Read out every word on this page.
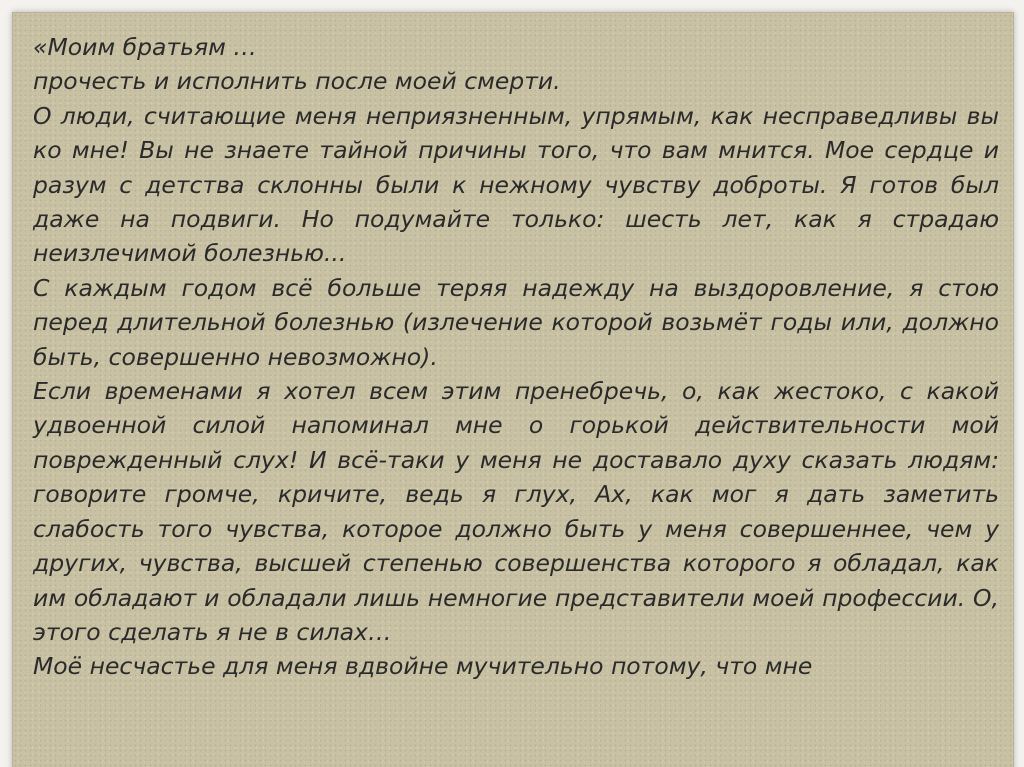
«Моим братьям …

прочесть и исполнить после моей смерти.

О люди, считающие меня неприязненным, упрямым, как несправедливы вы ко мне! Вы не знаете тайной причины того, что вам мнится. Мое сердце и разум с детства склонны были к нежному чувству доброты. Я готов был даже на подвиги. Но подумайте только: шесть лет, как я страдаю неизлечимой болезнью...

С каждым годом всё больше теряя надежду на выздоровление, я стою перед длительной болезнью (излечение которой возьмёт годы или, должно быть, совершенно невозможно).

Если временами я хотел всем этим пренебречь, о, как жестоко, с какой удвоенной силой напоминал мне о горькой действительности мой поврежденный слух! И всё-таки у меня не доставало духу сказать людям: говорите громче, кричите, ведь я глух, Ах, как мог я дать заметить слабость того чувства, которое должно быть у меня совершеннее, чем у других, чувства, высшей степенью совершенства которого я обладал, как им обладают и обладали лишь немногие представители моей профессии. О, этого сделать я не в силах…

Моё несчастье для меня вдвойне мучительно потому, что мне
